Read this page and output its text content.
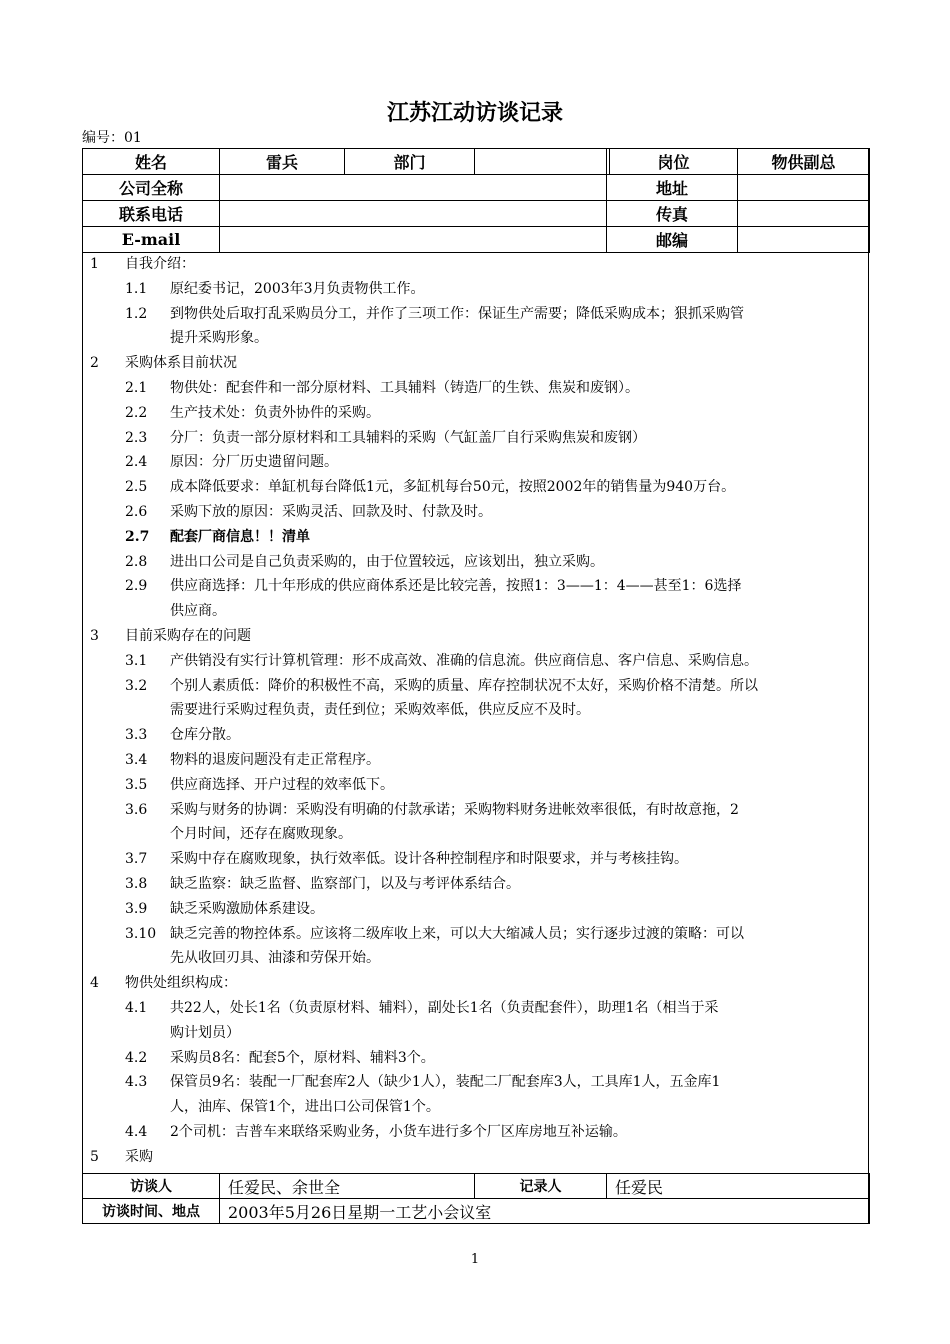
江苏江动访谈记录
编号：01
姓名	雷兵	部门			岗位	物供副总
公司全称				地址		
联系电话				传真		
E-mail				邮编		
1 自我介绍：
1.1 原纪委书记，2003年3月负责物供工作。
1.2 到物供处后取打乱采购员分工，并作了三项工作：保证生产需要；降低采购成本；狠抓采购管
提升采购形象。
2 采购体系目前状况
2.1 物供处：配套件和一部分原材料、工具辅料（铸造厂的生铁、焦炭和废钢）。
2.2 生产技术处：负责外协件的采购。
2.3 分厂：负责一部分原材料和工具辅料的采购（气缸盖厂自行采购焦炭和废钢）
2.4 原因：分厂历史遗留问题。
2.5 成本降低要求：单缸机每台降低1元，多缸机每台50元，按照2002年的销售量为940万台。
2.6 采购下放的原因：采购灵活、回款及时、付款及时。
2.7 配套厂商信息！！清单
2.8 进出口公司是自己负责采购的，由于位置较远，应该划出，独立采购。
2.9 供应商选择：几十年形成的供应商体系还是比较完善，按照1：3——1：4——甚至1：6选择
供应商。
3 目前采购存在的问题
3.1 产供销没有实行计算机管理：形不成高效、准确的信息流。供应商信息、客户信息、采购信息。
3.2 个别人素质低：降价的积极性不高，采购的质量、库存控制状况不太好，采购价格不清楚。所以
需要进行采购过程负责，责任到位；采购效率低，供应反应不及时。
3.3 仓库分散。
3.4 物料的退废问题没有走正常程序。
3.5 供应商选择、开户过程的效率低下。
3.6 采购与财务的协调：采购没有明确的付款承诺；采购物料财务进帐效率很低，有时故意拖，2
个月时间，还存在腐败现象。
3.7 采购中存在腐败现象，执行效率低。设计各种控制程序和时限要求，并与考核挂钩。
3.8 缺乏监察：缺乏监督、监察部门，以及与考评体系结合。
3.9 缺乏采购激励体系建设。
3.10 缺乏完善的物控体系。应该将二级库收上来，可以大大缩减人员；实行逐步过渡的策略：可以
先从收回刃具、油漆和劳保开始。
4 物供处组织构成：
4.1 共22人，处长1名（负责原材料、辅料），副处长1名（负责配套件），助理1名（相当于采
购计划员）
4.2 采购员8名：配套5个，原材料、辅料3个。
4.3 保管员9名：装配一厂配套库2人（缺少1人），装配二厂配套库3人，工具库1人，五金库1
人，油库、保管1个，进出口公司保管1个。
4.4 2个司机：吉普车来联络采购业务，小货车进行多个厂区库房地互补运输。
5 采购
访谈人	任爱民、余世全	记录人	任爱民
访谈时间、地点	2003年5月26日星期一工艺小会议室		
1
